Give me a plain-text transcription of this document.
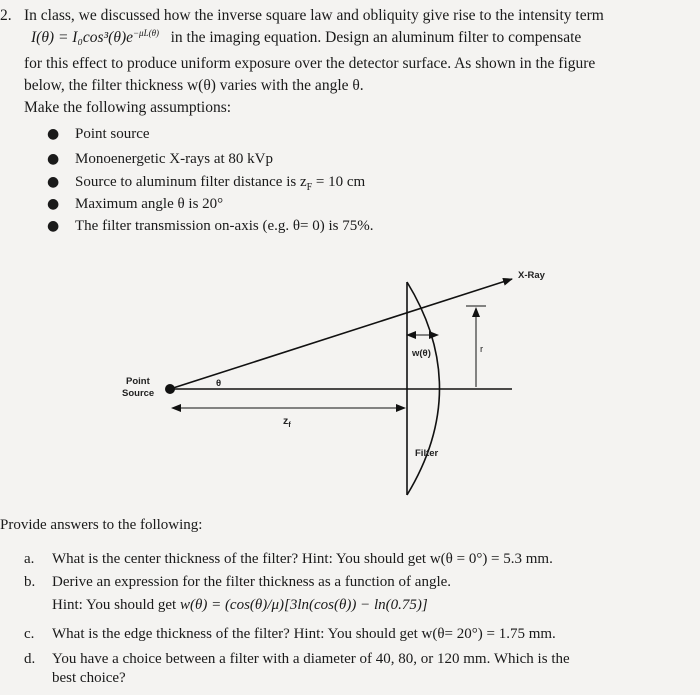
2. In class, we discussed how the inverse square law and obliquity give rise to the intensity term
$I(\theta) = I_0\cos^3(\theta)e^{-\mu L(\theta)}$ in the imaging equation. Design an aluminum filter to compensate
for this effect to produce uniform exposure over the detector surface. As shown in the figure
below, the filter thickness w(θ) varies with the angle θ.
Make the following assumptions:
● Point source
● Monoenergetic X-rays at 80 kVp
● Source to aluminum filter distance is $z_F = 10$ cm
● Maximum angle θ is 20°
● The filter transmission on-axis (e.g. θ= 0) is 75%.
X-Ray
w(θ)	r
θ
Point
Source
$z_f$
Filter
Provide answers to the following:
a. What is the center thickness of the filter? Hint: You should get w(θ = 0°) = 5.3 mm.
b. Derive an expression for the filter thickness as a function of angle.
Hint: You should get w(θ) = (cos(θ)/μ)[3ln(cos(θ)) − ln(0.75)]
c. What is the edge thickness of the filter? Hint: You should get w(θ= 20°) = 1.75 mm.
d. You have a choice between a filter with a diameter of 40, 80, or 120 mm. Which is the
best choice?
